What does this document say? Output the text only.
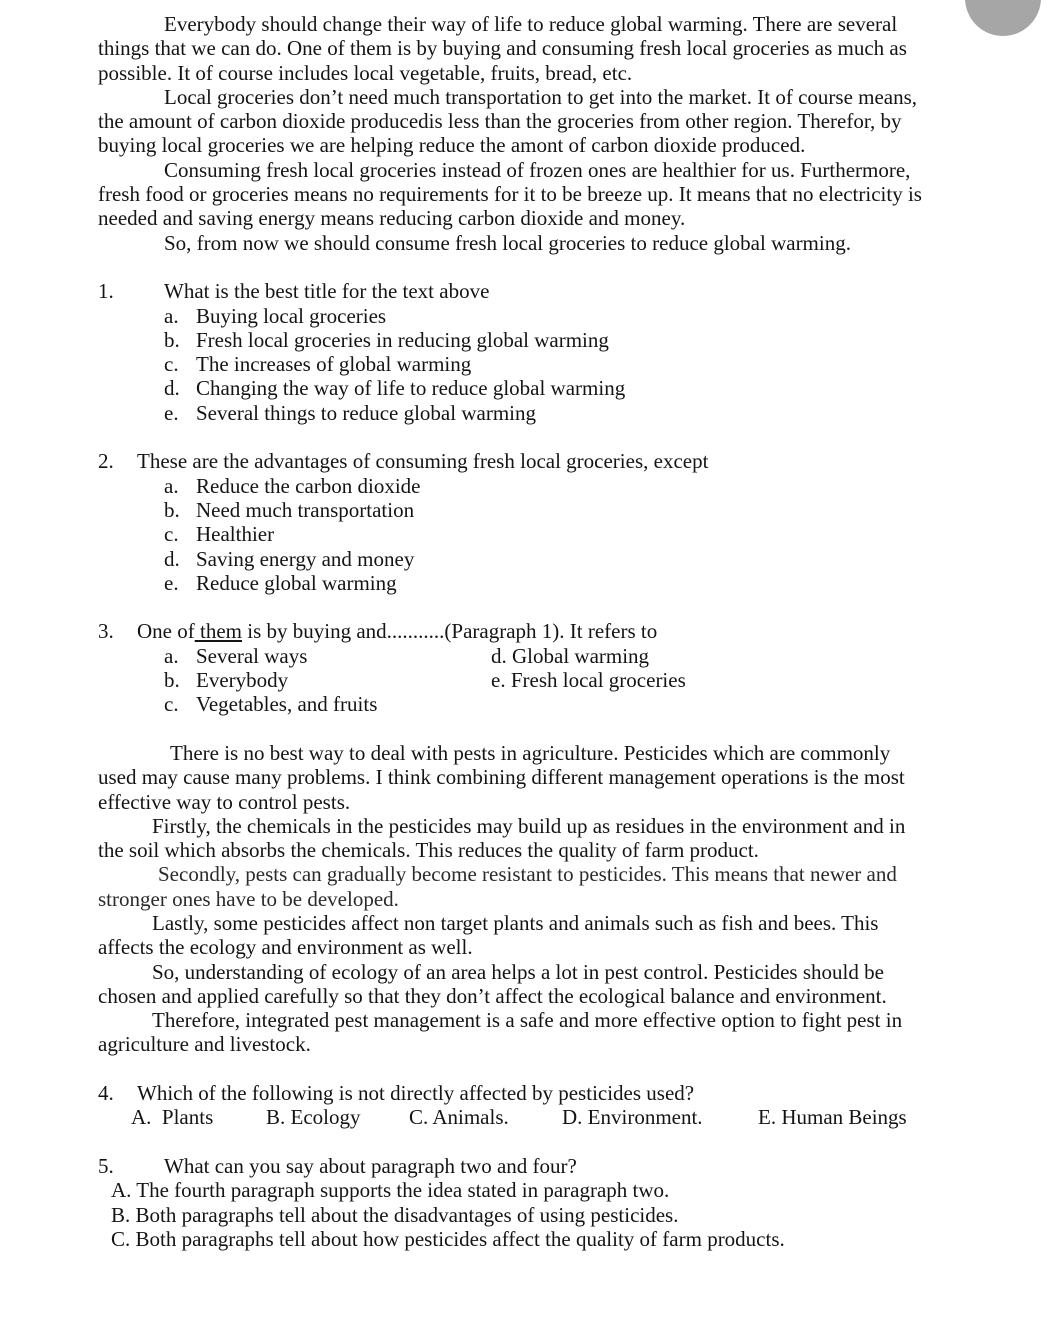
Everybody should change their way of life to reduce global warming. There are several things that we can do. One of them is by buying and consuming fresh local groceries as much as possible. It of course includes local vegetable, fruits, bread, etc.

Local groceries don’t need much transportation to get into the market. It of course means, the amount of carbon dioxide producedis less than the groceries from other region. Therefor, by buying local groceries we are helping reduce the amont of carbon dioxide produced.

Consuming fresh local groceries instead of frozen ones are healthier for us. Furthermore, fresh food or groceries means no requirements for it to be breeze up. It means that no electricity is needed and saving energy means reducing carbon dioxide and money.

So, from now we should consume fresh local groceries to reduce global warming.

1.	What is the best title for the text above
a. Buying local groceries
b. Fresh local groceries in reducing global warming
c. The increases of global warming
d. Changing the way of life to reduce global warming
e. Several things to reduce global warming
2.	These are the advantages of consuming fresh local groceries, except
a. Reduce the carbon dioxide
b. Need much transportation
c. Healthier
d. Saving energy and money
e. Reduce global warming
3.	One of them is by buying and...........(Paragraph 1). It refers to
a. Several ways	d. Global warming
b. Everybody	e. Fresh local groceries
c. Vegetables, and fruits

There is no best way to deal with pests in agriculture. Pesticides which are commonly used may cause many problems. I think combining different management operations is the most effective way to control pests.

Firstly, the chemicals in the pesticides may build up as residues in the environment and in the soil which absorbs the chemicals. This reduces the quality of farm product.

Secondly, pests can gradually become resistant to pesticides. This means that newer and stronger ones have to be developed.

Lastly, some pesticides affect non target plants and animals such as fish and bees. This affects the ecology and environment as well.

So, understanding of ecology of an area helps a lot in pest control. Pesticides should be chosen and applied carefully so that they don’t affect the ecological balance and environment.

Therefore, integrated pest management is a safe and more effective option to fight pest in agriculture and livestock.

4.	Which of the following is not directly affected by pesticides used?
A.  Plants	B. Ecology	C. Animals.	D. Environment.	E. Human Beings
5.	What can you say about paragraph two and four?
A. The fourth paragraph supports the idea stated in paragraph two.
B. Both paragraphs tell about the disadvantages of using pesticides.
C. Both paragraphs tell about how pesticides affect the quality of farm products.
